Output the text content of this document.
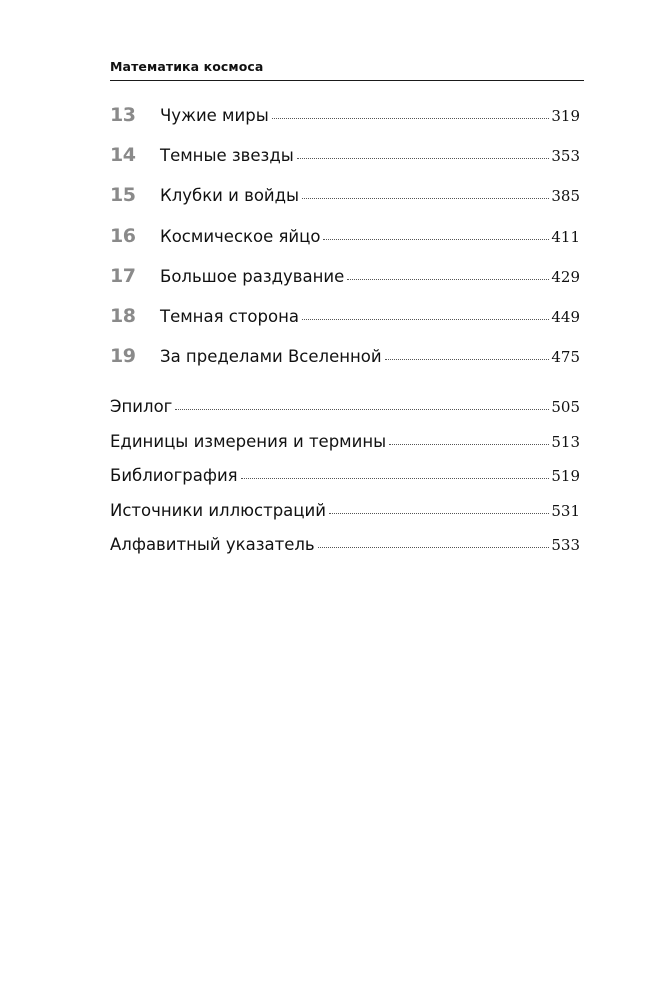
Математика космоса
13	Чужие миры	319
14	Темные звезды	353
15	Клубки и войды	385
16	Космическое яйцо	411
17	Большое раздувание	429
18	Темная сторона	449
19	За пределами Вселенной	475
Эпилог	505
Единицы измерения и термины	513
Библиография	519
Источники иллюстраций	531
Алфавитный указатель	533
